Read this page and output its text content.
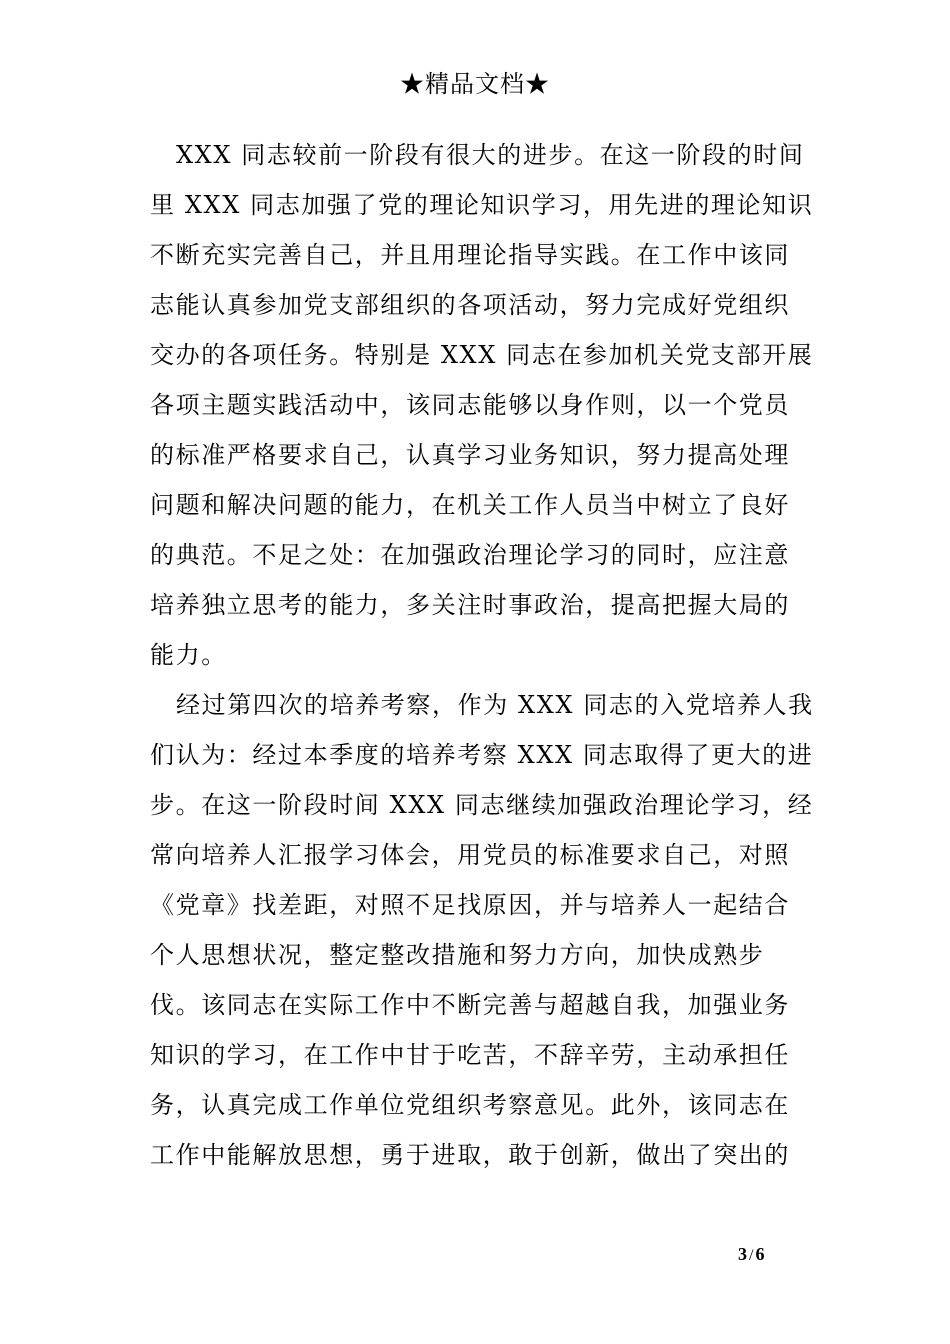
★精品文档★
XXX 同志较前一阶段有很大的进步。在这一阶段的时间
里 XXX 同志加强了党的理论知识学习，用先进的理论知识
不断充实完善自己，并且用理论指导实践。在工作中该同
志能认真参加党支部组织的各项活动，努力完成好党组织
交办的各项任务。特别是 XXX 同志在参加机关党支部开展
各项主题实践活动中，该同志能够以身作则，以一个党员
的标准严格要求自己，认真学习业务知识，努力提高处理
问题和解决问题的能力，在机关工作人员当中树立了良好
的典范。不足之处：在加强政治理论学习的同时，应注意
培养独立思考的能力，多关注时事政治，提高把握大局的
能力。
经过第四次的培养考察，作为 XXX 同志的入党培养人我
们认为：经过本季度的培养考察 XXX 同志取得了更大的进
步。在这一阶段时间 XXX 同志继续加强政治理论学习，经
常向培养人汇报学习体会，用党员的标准要求自己，对照
《党章》找差距，对照不足找原因，并与培养人一起结合
个人思想状况，整定整改措施和努力方向，加快成熟步
伐。该同志在实际工作中不断完善与超越自我，加强业务
知识的学习，在工作中甘于吃苦，不辞辛劳，主动承担任
务，认真完成工作单位党组织考察意见。此外，该同志在
工作中能解放思想，勇于进取，敢于创新，做出了突出的
3 / 6
